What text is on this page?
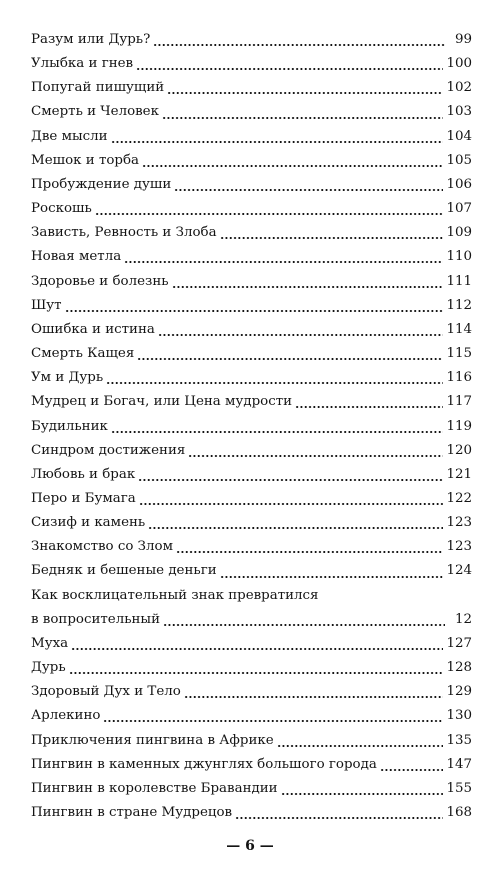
Разум или Дурь?	99
Улыбка и гнев	100
Попугай пишущий	102
Смерть и Человек	103
Две мысли	104
Мешок и торба	105
Пробуждение души	106
Роскошь	107
Зависть, Ревность и Злоба	109
Новая метла	110
Здоровье и болезнь	111
Шут	112
Ошибка и истина	114
Смерть Кащея	115
Ум и Дурь	116
Мудрец и Богач, или Цена мудрости	117
Будильник	119
Синдром достижения	120
Любовь и брак	121
Перо и Бумага	122
Сизиф и камень	123
Знакомство со Злом	123
Бедняк и бешеные деньги	124
Как восклицательный знак превратился
в вопросительный	12
Муха	127
Дурь	128
Здоровый Дух и Тело	129
Арлекино	130
Приключения пингвина в Африке	135
Пингвин в каменных джунглях большого города	147
Пингвин в королевстве Бравандии	155
Пингвин в стране Мудрецов	168
— 6 —
